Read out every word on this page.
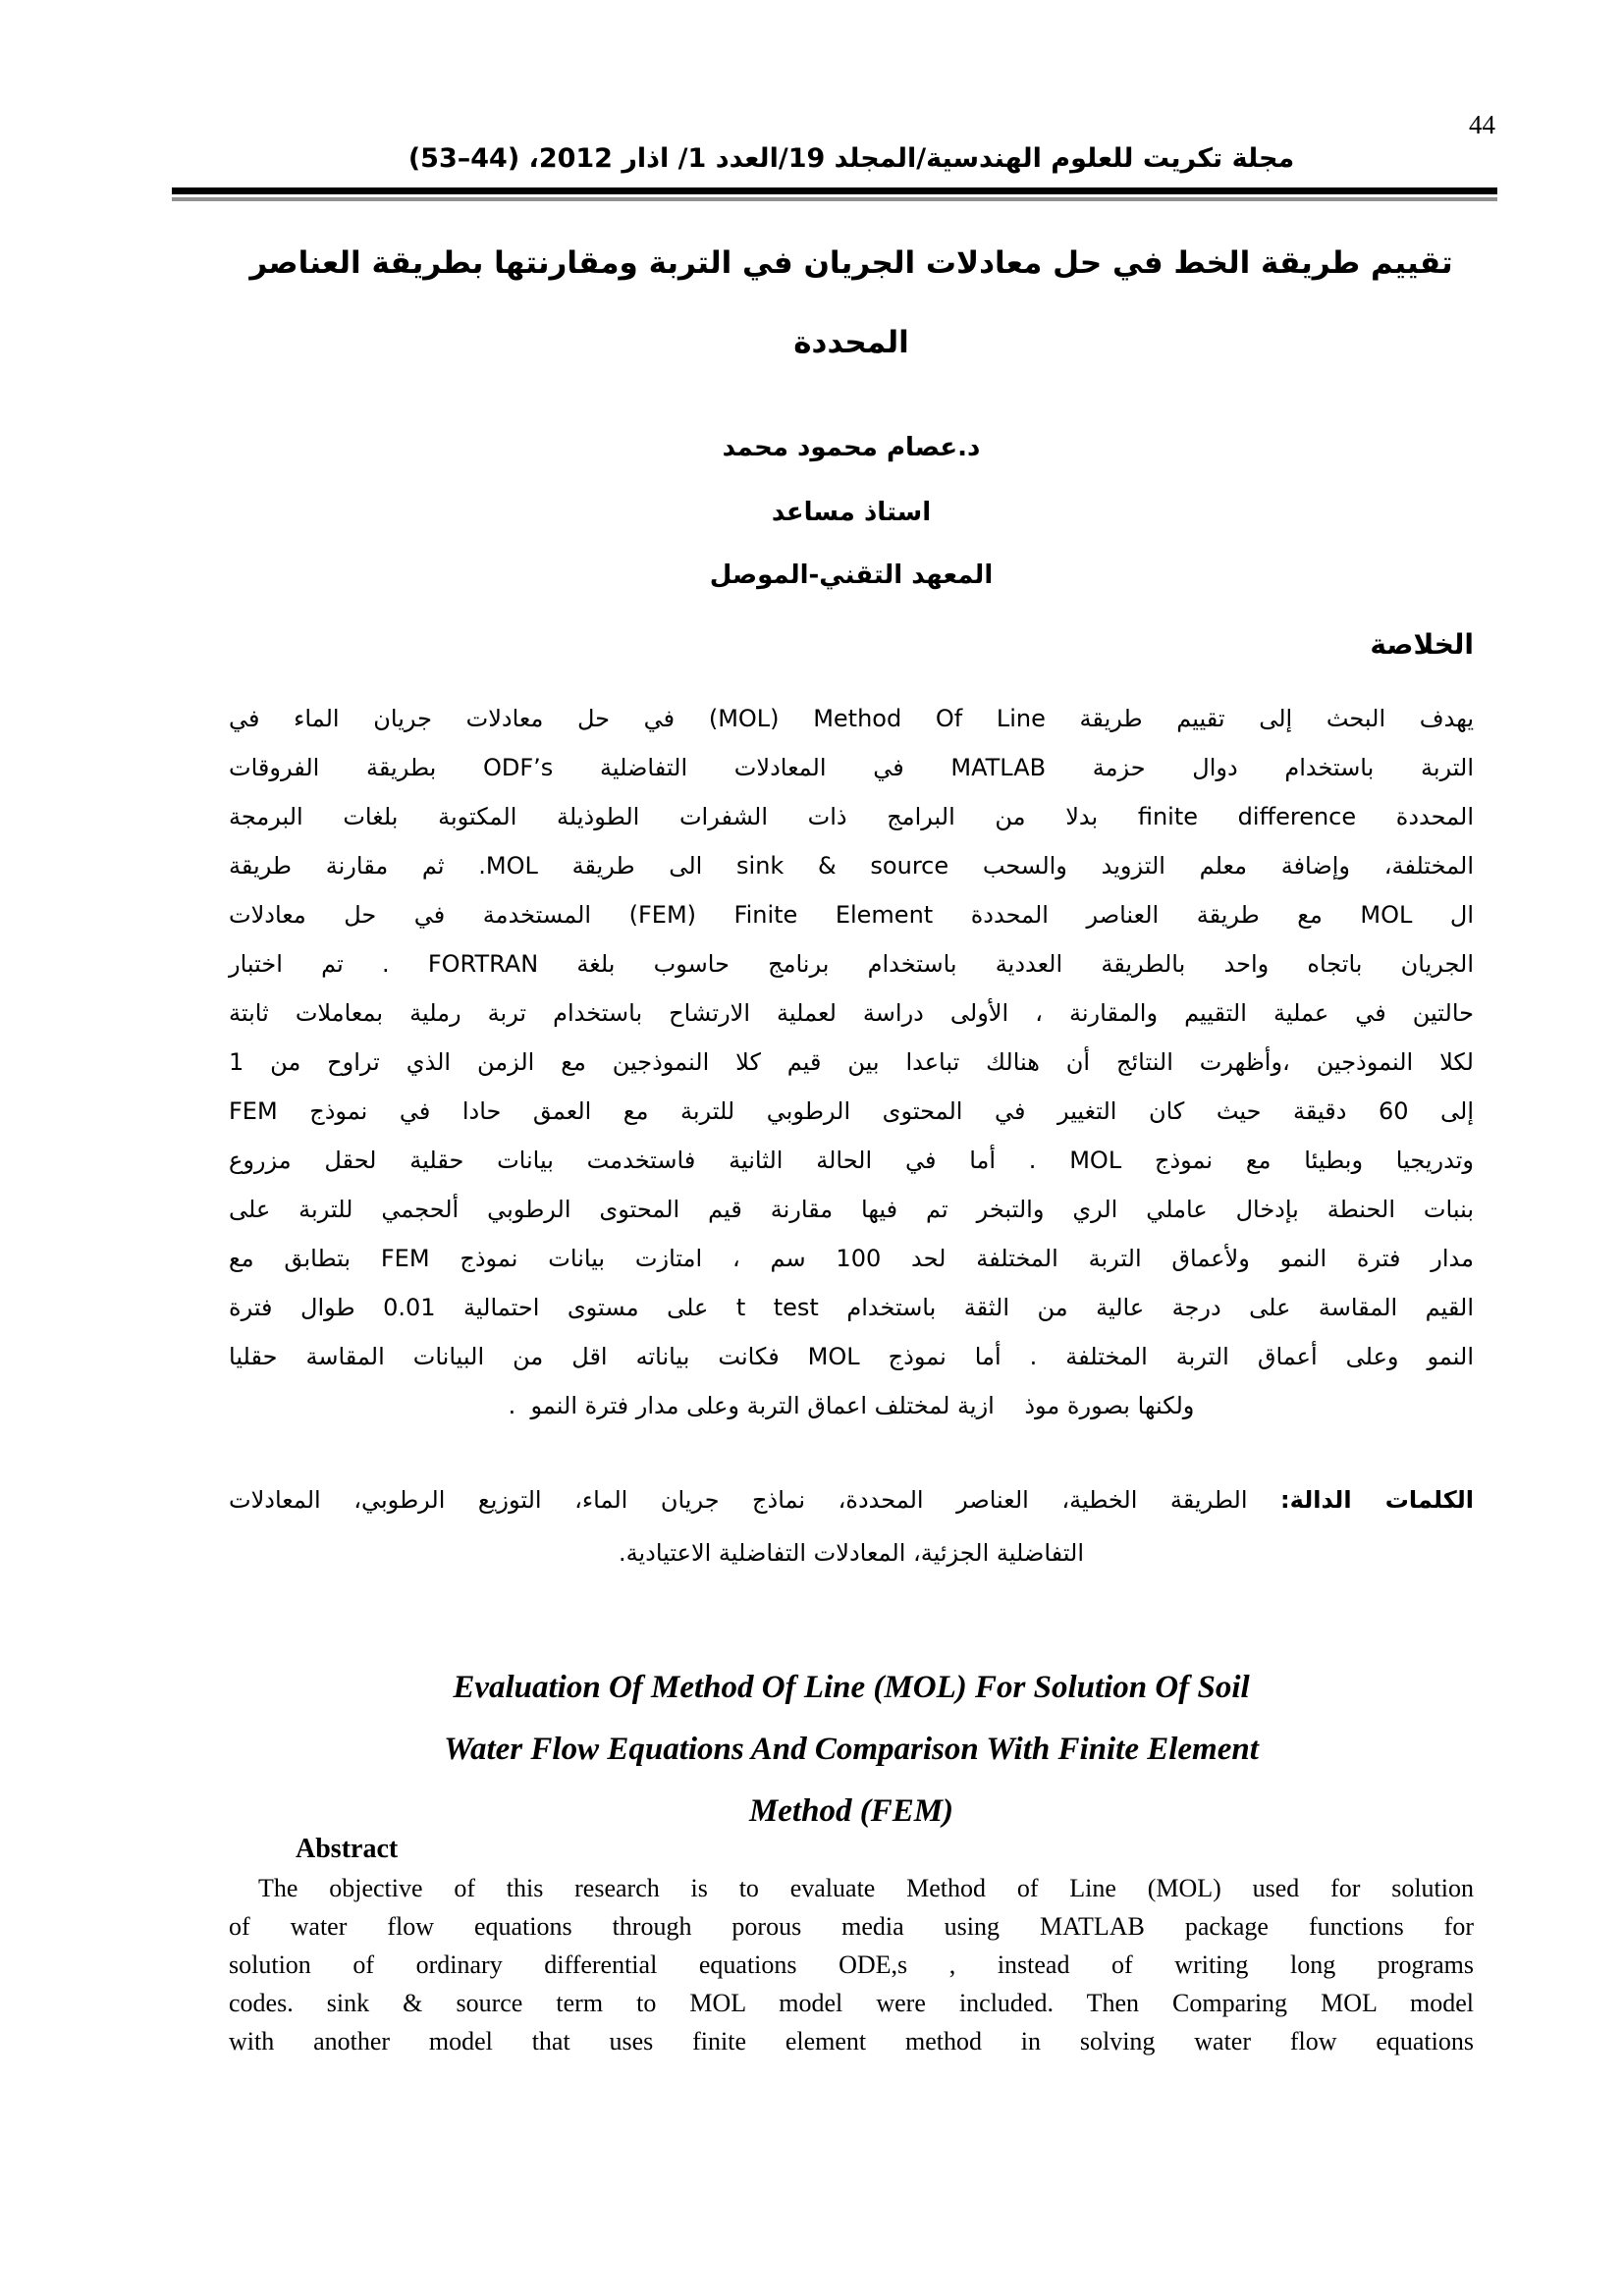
44
مجلة تكريت للعلوم الهندسية/المجلد 19/العدد 1/ اذار 2012، (44–53)
تقييم طريقة الخط في حل معادلات الجريان في التربة ومقارنتها بطريقة العناصر
المحددة
د.عصام محمود محمد
استاذ مساعد
المعهد التقني-الموصل
الخلاصة
يهدف البحث إلى تقييم طريقة ‎(MOL) Method Of Line في حل معادلات جريان الماء في
التربة باستخدام دوال حزمة MATLAB في المعادلات التفاضلية ODF’s بطريقة الفروقات
المحددة finite difference بدلا من البرامج ذات الشفرات الطوذيلة المكتوبة بلغات البرمجة
المختلفة، وإضافة معلم التزويد والسحب sink & source الى طريقة MOL. ثم مقارنة طريقة
ال MOL مع طريقة العناصر المحددة ‎(FEM) Finite Element المستخدمة في حل معادلات
الجريان باتجاه واحد بالطريقة العددية باستخدام برنامج حاسوب بلغة FORTRAN . تم اختبار
حالتين في عملية التقييم والمقارنة ، الأولى دراسة لعملية الارتشاح باستخدام تربة رملية بمعاملات ثابتة
لكلا النموذجين ،وأظهرت النتائج أن هنالك تباعدا بين قيم كلا النموذجين مع الزمن الذي تراوح من 1
إلى 60 دقيقة حيث كان التغيير في المحتوى الرطوبي للتربة مع العمق حادا في نموذج FEM
وتدريجيا وبطيئا مع نموذج MOL . أما في الحالة الثانية فاستخدمت بيانات حقلية لحقل مزروع
بنبات الحنطة بإدخال عاملي الري والتبخر تم فيها مقارنة قيم المحتوى الرطوبي ألحجمي للتربة على
مدار فترة النمو ولأعماق التربة المختلفة لحد 100 سم ، امتازت بيانات نموذج FEM بتطابق مع
القيم المقاسة على درجة عالية من الثقة باستخدام t test على مستوى احتمالية 0.01 طوال فترة
النمو وعلى أعماق التربة المختلفة . أما نموذج MOL فكانت بياناته اقل من البيانات المقاسة حقليا
ولكنها بصورة موذ    ازية لمختلف اعماق التربة وعلى مدار فترة النمو  .
الكلمات الدالة: الطريقة الخطية، العناصر المحددة، نماذج جريان الماء، التوزيع الرطوبي، المعادلات
التفاضلية الجزئية، المعادلات التفاضلية الاعتيادية.
Evaluation Of Method Of Line (MOL) For Solution Of Soil
Water Flow Equations And Comparison With Finite Element
Method (FEM)
Abstract
The objective of this research is to evaluate Method of Line (MOL) used for solution
of water flow equations through porous media using MATLAB package functions for
solution of ordinary differential equations ODE,s , instead of writing long programs
codes. sink & source term to MOL model were included. Then Comparing MOL model
with another model that uses finite element method in solving water flow equations
